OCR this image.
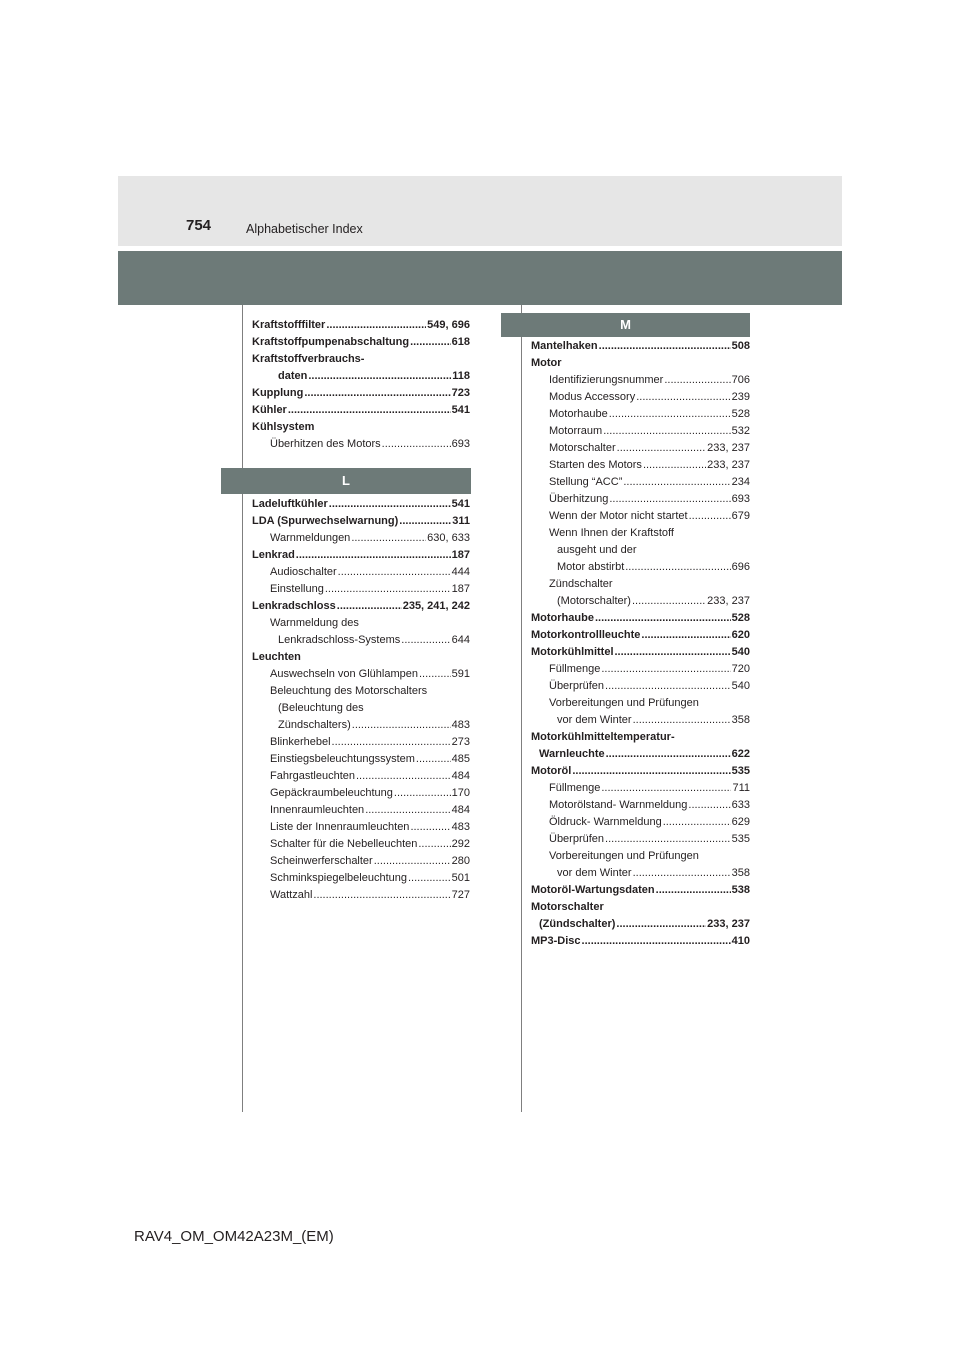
754	Alphabetischer Index
Kraftstofffilter .....	549, 696
Kraftstoffpumpenabschaltung .....	618
Kraftstoffverbrauchs-
daten .....	118
Kupplung .....	723
Kühler .....	541
Kühlsystem
Überhitzen des Motors .....	693
L
Ladeluftkühler .....	541
LDA (Spurwechselwarnung) .....	311
Warnmeldungen .....	630, 633
Lenkrad .....	187
Audioschalter .....	444
Einstellung .....	187
Lenkradschloss .....	235, 241, 242
Warnmeldung des
Lenkradschloss-Systems .....	644
Leuchten
Auswechseln von Glühlampen .....	591
Beleuchtung des Motorschalters
(Beleuchtung des
Zündschalters) .....	483
Blinkerhebel .....	273
Einstiegsbeleuchtungssystem .....	485
Fahrgastleuchten .....	484
Gepäckraumbeleuchtung .....	170
Innenraumleuchten .....	484
Liste der Innenraumleuchten .....	483
Schalter für die Nebelleuchten .....	292
Scheinwerferschalter .....	280
Schminkspiegelbeleuchtung .....	501
Wattzahl .....	727
M
Mantelhaken .....	508
Motor
Identifizierungsnummer .....	706
Modus Accessory .....	239
Motorhaube .....	528
Motorraum .....	532
Motorschalter .....	233, 237
Starten des Motors .....	233, 237
Stellung “ACC” .....	234
Überhitzung .....	693
Wenn der Motor nicht startet .....	679
Wenn Ihnen der Kraftstoff
ausgeht und der
Motor abstirbt .....	696
Zündschalter
(Motorschalter) .....	233, 237
Motorhaube .....	528
Motorkontrollleuchte .....	620
Motorkühlmittel .....	540
Füllmenge .....	720
Überprüfen .....	540
Vorbereitungen und Prüfungen
vor dem Winter .....	358
Motorkühlmitteltemperatur-
Warnleuchte .....	622
Motoröl .....	535
Füllmenge .....	711
Motorölstand- Warnmeldung .....	633
Öldruck- Warnmeldung .....	629
Überprüfen .....	535
Vorbereitungen und Prüfungen
vor dem Winter .....	358
Motoröl-Wartungsdaten .....	538
Motorschalter
(Zündschalter) .....	233, 237
MP3-Disc .....	410
RAV4_OM_OM42A23M_(EM)
